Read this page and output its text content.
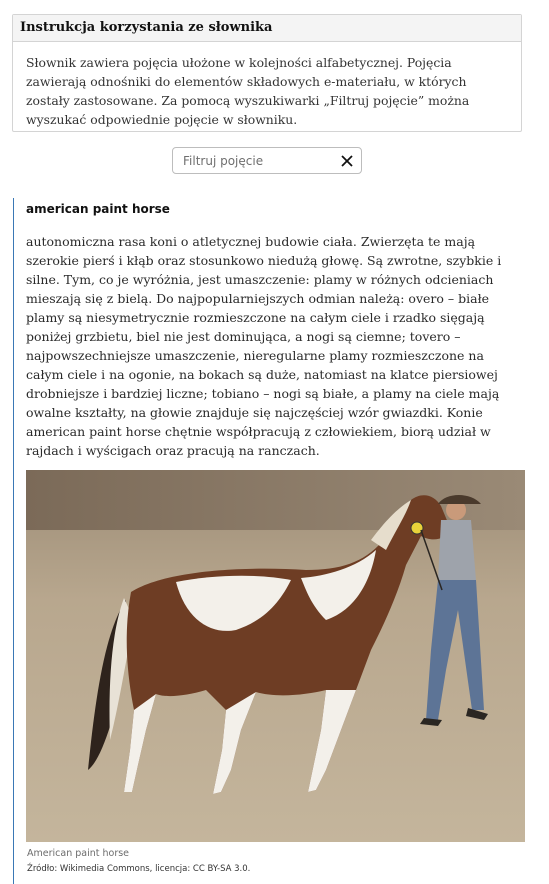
Instrukcja korzystania ze słownika
Słownik zawiera pojęcia ułożone w kolejności alfabetycznej. Pojęcia zawierają odnośniki do elementów składowych e-materiału, w których zostały zastosowane. Za pomocą wyszukiwarki „Filtruj pojęcie” można wyszukać odpowiednie pojęcie w słowniku.
Filtruj pojęcie
american paint horse
autonomiczna rasa koni o atletycznej budowie ciała. Zwierzęta te mają szerokie pierś i kłąb oraz stosunkowo niedużą głowę. Są zwrotne, szybkie i silne. Tym, co je wyróżnia, jest umaszczenie: plamy w różnych odcieniach mieszają się z bielą. Do najpopularniejszych odmian należą: overo – białe plamy są niesymetrycznie rozmieszczone na całym ciele i rzadko sięgają poniżej grzbietu, biel nie jest dominująca, a nogi są ciemne; tovero – najpowszechniejsze umaszczenie, nieregularne plamy rozmieszczone na całym ciele i na ogonie, na bokach są duże, natomiast na klatce piersiowej drobniejsze i bardziej liczne; tobiano – nogi są białe, a plamy na ciele mają owalne kształty, na głowie znajduje się najczęściej wzór gwiazdki. Konie american paint horse chętnie współpracują z człowiekiem, biorą udział w rajdach i wyścigach oraz pracują na ranczach.
American paint horse
Źródło: Wikimedia Commons, licencja: CC BY-SA 3.0.
